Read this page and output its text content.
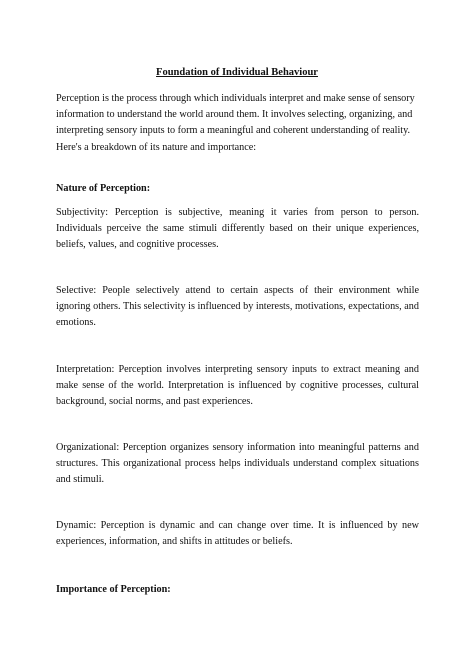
Foundation of Individual Behaviour

Perception is the process through which individuals interpret and make sense of sensory information to understand the world around them. It involves selecting, organizing, and interpreting sensory inputs to form a meaningful and coherent understanding of reality. Here's a breakdown of its nature and importance:

Nature of Perception:

Subjectivity: Perception is subjective, meaning it varies from person to person. Individuals perceive the same stimuli differently based on their unique experiences, beliefs, values, and cognitive processes.

Selective: People selectively attend to certain aspects of their environment while ignoring others. This selectivity is influenced by interests, motivations, expectations, and emotions.

Interpretation: Perception involves interpreting sensory inputs to extract meaning and make sense of the world. Interpretation is influenced by cognitive processes, cultural background, social norms, and past experiences.

Organizational: Perception organizes sensory information into meaningful patterns and structures. This organizational process helps individuals understand complex situations and stimuli.

Dynamic: Perception is dynamic and can change over time. It is influenced by new experiences, information, and shifts in attitudes or beliefs.

Importance of Perception:
